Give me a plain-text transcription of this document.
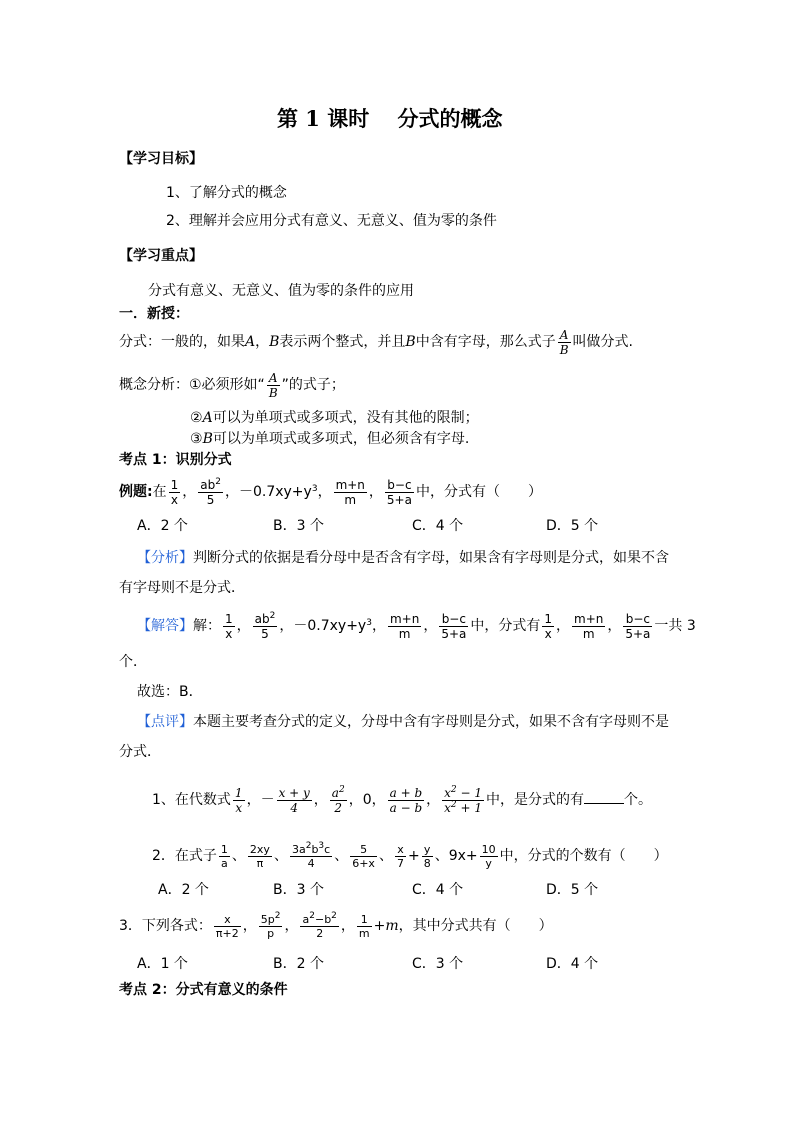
第 1 课时　 分式的概念
【学习目标】
1、了解分式的概念
2、理解并会应用分式有意义、无意义、值为零的条件
【学习重点】
分式有意义、无意义、值为零的条件的应用
一．新授：
分式：一般的，如果A，B表示两个整式，并且B中含有字母，那么式子 $\frac{A}{B}$ 叫做分式.
概念分析：①必须形如“ $\frac{A}{B}$ ”的式子；
②A可以为单项式或多项式，没有其他的限制；
③B可以为单项式或多项式，但必须含有字母.
考点 1：识别分式
例题:在 $\frac{1}{x}$ ， $\frac{ab^2}{5}$ ，$-0.7xy+y^3$， $\frac{m+n}{m}$ ， $\frac{b-c}{5+a}$ 中，分式有（　　）
A．2 个	B．3 个	C．4 个	D．5 个
【分析】判断分式的依据是看分母中是否含有字母，如果含有字母则是分式，如果不含
有字母则不是分式．
【解答】解： $\frac{1}{x}$ ， $\frac{ab^2}{5}$ ，$-0.7xy+y^3$， $\frac{m+n}{m}$ ， $\frac{b-c}{5+a}$ 中，分式有 $\frac{1}{x}$ ， $\frac{m+n}{m}$ ， $\frac{b-c}{5+a}$ 一共 3
个．
故选：B．
【点评】本题主要考查分式的定义，分母中含有字母则是分式，如果不含有字母则不是
分式．
1、在代数式 $\frac{1}{x}$ ，－ $\frac{x + y}{4}$ ， $\frac{a^2}{2}$ ，0， $\frac{a + b}{a - b}$ ， $\frac{x^2 - 1}{x^2 + 1}$ 中，是分式的有	个。
2．在式子 $\frac{1}{a}$ 、 $\frac{2xy}{\pi}$ 、 $\frac{3a^2b^3c}{4}$ 、 $\frac{5}{6+x}$ 、 $\frac{x}{7} + \frac{y}{8}$ 、$9x+ \frac{10}{y}$ 中，分式的个数有（　　）
A．2 个	B．3 个	C．4 个	D．5 个
3．下列各式： $\frac{x}{\pi+2}$ ， $\frac{5p^2}{p}$ ， $\frac{a^2-b^2}{2}$ ， $\frac{1}{m} +m$，其中分式共有（　　）
A．1 个	B．2 个	C．3 个	D．4 个
考点 2：分式有意义的条件
